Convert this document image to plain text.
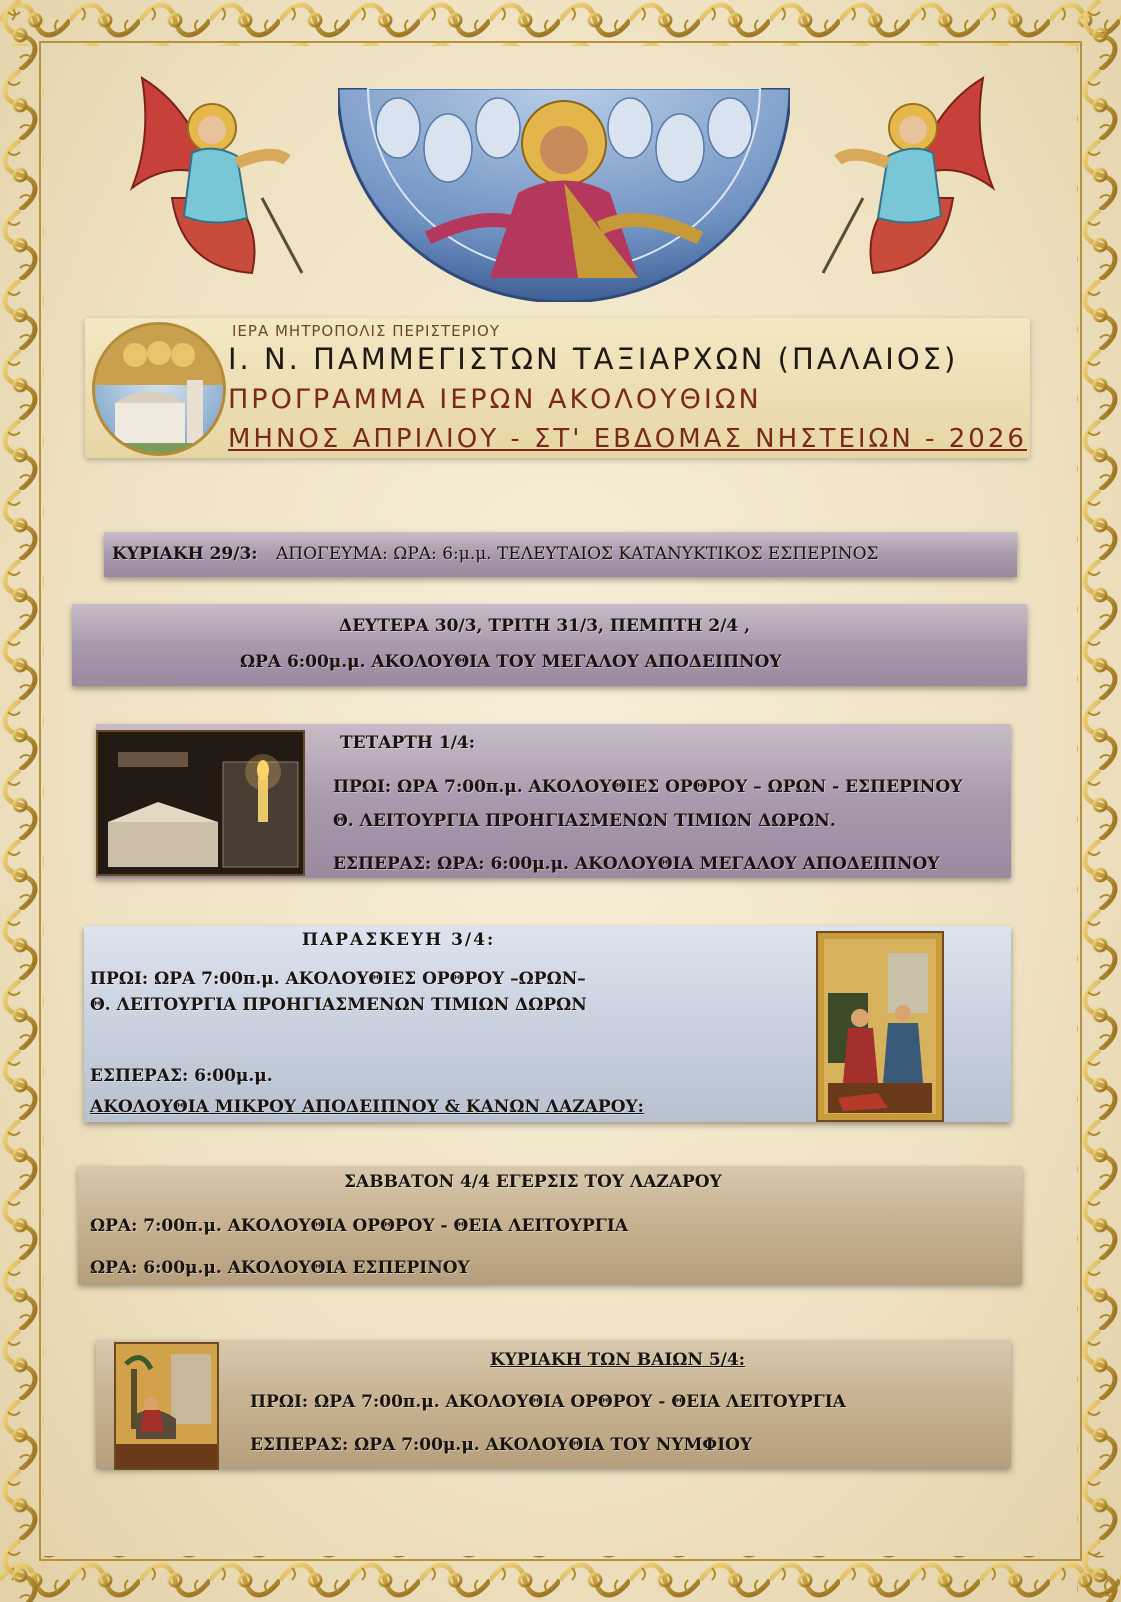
ΙΕΡΑ ΜΗΤΡΟΠΟΛΙΣ ΠΕΡΙΣΤΕΡΙΟΥ
Ι. Ν. ΠΑΜΜΕΓΙΣΤΩΝ ΤΑΞΙΑΡΧΩΝ (ΠΑΛΑΙΟΣ)
ΠΡΟΓΡΑΜΜΑ ΙΕΡΩΝ ΑΚΟΛΟΥΘΙΩΝ
ΜΗΝΟΣ ΑΠΡΙΛΙΟΥ - ΣΤ' ΕΒΔΟΜΑΣ ΝΗΣΤΕΙΩΝ - 2026
ΚΥΡΙΑΚΗ 29/3: ΑΠΟΓΕΥΜΑ: ΩΡΑ: 6:μ.μ. ΤΕΛΕΥΤΑΙΟΣ ΚΑΤΑΝΥΚΤΙΚΟΣ ΕΣΠΕΡΙΝΟΣ
ΔΕΥΤΕΡΑ 30/3, ΤΡΙΤΗ 31/3, ΠΕΜΠΤΗ 2/4 ,
ΩΡΑ 6:00μ.μ. ΑΚΟΛΟΥΘΙΑ ΤΟΥ ΜΕΓΑΛΟΥ ΑΠΟΔΕΙΠΝΟΥ
ΤΕΤΑΡΤΗ 1/4:
ΠΡΩΙ: ΩΡΑ 7:00π.μ. ΑΚΟΛΟΥΘΙΕΣ ΟΡΘΡΟΥ – ΩΡΩΝ - ΕΣΠΕΡΙΝΟΥ
Θ. ΛΕΙΤΟΥΡΓΙΑ ΠΡΟΗΓΙΑΣΜΕΝΩΝ ΤΙΜΙΩΝ ΔΩΡΩΝ.
ΕΣΠΕΡΑΣ: ΩΡΑ: 6:00μ.μ. ΑΚΟΛΟΥΘΙΑ ΜΕΓΑΛΟΥ ΑΠΟΔΕΙΠΝΟΥ
ΠΑΡΑΣΚΕΥΗ 3/4:
ΠΡΩΙ: ΩΡΑ 7:00π.μ. ΑΚΟΛΟΥΘΙΕΣ ΟΡΘΡΟΥ –ΩΡΩΝ–
Θ. ΛΕΙΤΟΥΡΓΙΑ ΠΡΟΗΓΙΑΣΜΕΝΩΝ ΤΙΜΙΩΝ ΔΩΡΩΝ
ΕΣΠΕΡΑΣ: 6:00μ.μ.
ΑΚΟΛΟΥΘΙΑ ΜΙΚΡΟΥ ΑΠΟΔΕΙΠΝΟΥ & ΚΑΝΩΝ ΛΑΖΑΡΟΥ:
ΣΑΒΒΑΤΟΝ 4/4 ΕΓΕΡΣΙΣ ΤΟΥ ΛΑΖΑΡΟΥ
ΩΡΑ: 7:00π.μ. ΑΚΟΛΟΥΘΙΑ ΟΡΘΡΟΥ - ΘΕΙΑ ΛΕΙΤΟΥΡΓΙΑ
ΩΡΑ: 6:00μ.μ. ΑΚΟΛΟΥΘΙΑ ΕΣΠΕΡΙΝΟΥ
ΚΥΡΙΑΚΗ ΤΩΝ ΒΑΙΩΝ 5/4:
ΠΡΩΙ: ΩΡΑ 7:00π.μ. ΑΚΟΛΟΥΘΙΑ ΟΡΘΡΟΥ - ΘΕΙΑ ΛΕΙΤΟΥΡΓΙΑ
ΕΣΠΕΡΑΣ: ΩΡΑ 7:00μ.μ. ΑΚΟΛΟΥΘΙΑ ΤΟΥ ΝΥΜΦΙΟΥ
